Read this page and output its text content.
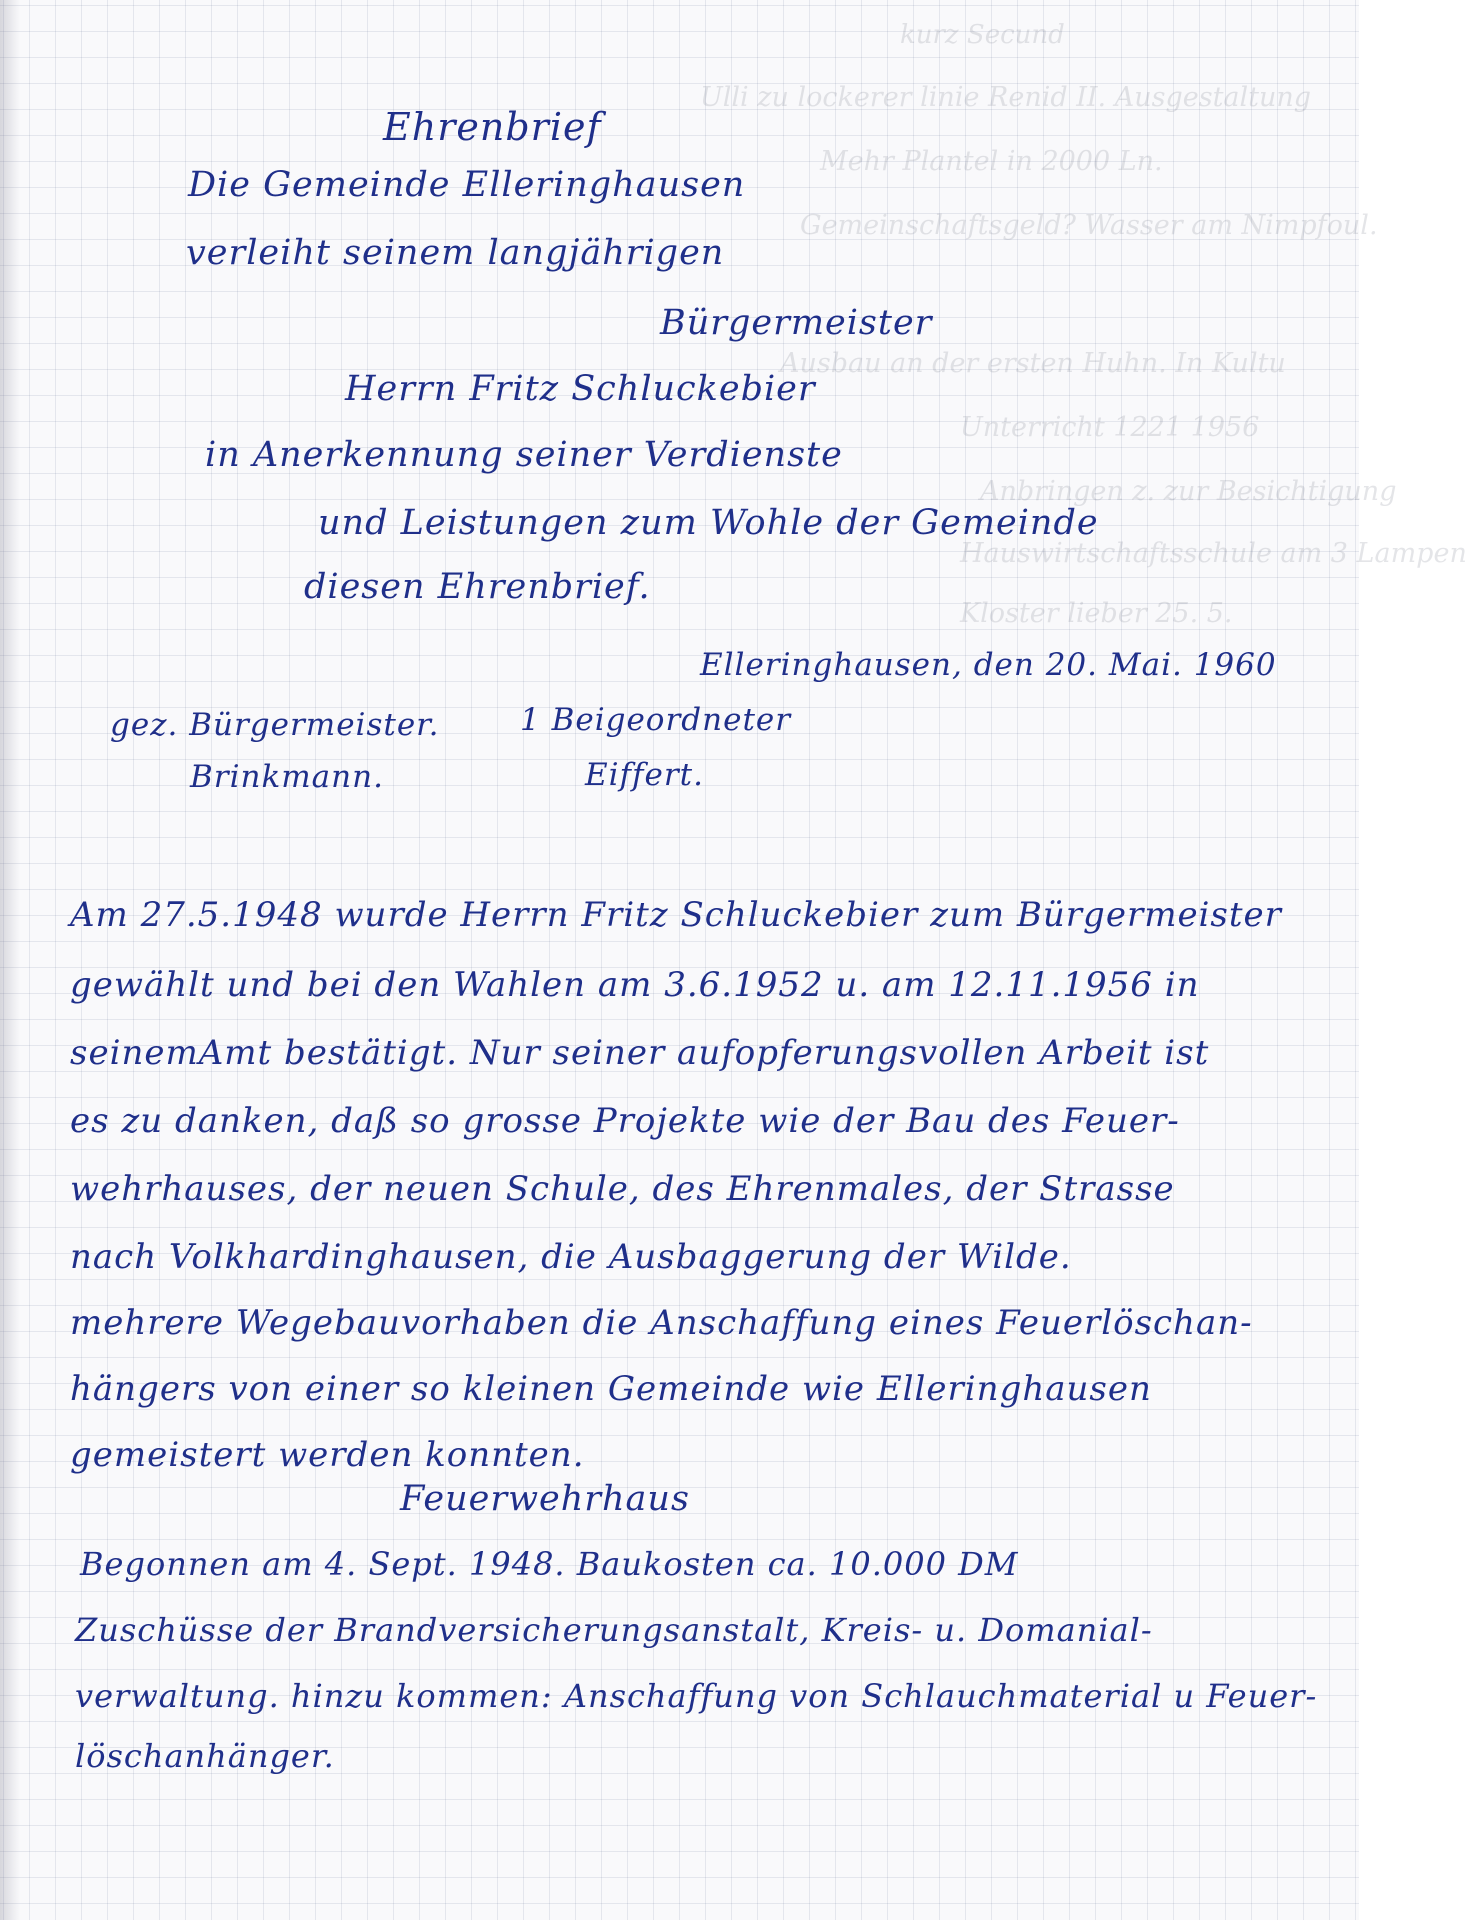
kurz Secund
Ulli zu lockerer linie Renid II. Ausgestaltung
Mehr Plantel in 2000 Ln.
Gemeinschaftsgeld? Wasser am Nimpfoul.
Ausbau an der ersten Huhn. In Kultu
Unterricht 1221 1956
Anbringen z. zur Besichtigung
Hauswirtschaftsschule am 3 Lampen
Kloster lieber 25. 5.
Ehrenbrief
Die Gemeinde Elleringhausen
verleiht seinem langjährigen
Bürgermeister
Herrn Fritz Schluckebier
in Anerkennung seiner Verdienste
und Leistungen zum Wohle der Gemeinde
diesen Ehrenbrief.
Elleringhausen, den 20. Mai. 1960
gez. Bürgermeister.	1 Beigeordneter
Brinkmann.	Eiffert.
Am 27.5.1948 wurde Herrn Fritz Schluckebier zum Bürgermeister
gewählt und bei den Wahlen am 3.6.1952 u. am 12.11.1956 in
seinemAmt bestätigt. Nur seiner aufopferungsvollen Arbeit ist
es zu danken, daß so grosse Projekte wie der Bau des Feuer-
wehrhauses, der neuen Schule, des Ehrenmales, der Strasse
nach Volkhardinghausen, die Ausbaggerung der Wilde.
mehrere Wegebauvorhaben die Anschaffung eines Feuerlöschan-
hängers von einer so kleinen Gemeinde wie Elleringhausen
gemeistert werden konnten.
Feuerwehrhaus
Begonnen am 4. Sept. 1948. Baukosten ca. 10.000 DM
Zuschüsse der Brandversicherungsanstalt, Kreis- u. Domanial-
verwaltung. hinzu kommen: Anschaffung von Schlauchmaterial u Feuer-
löschanhänger.
